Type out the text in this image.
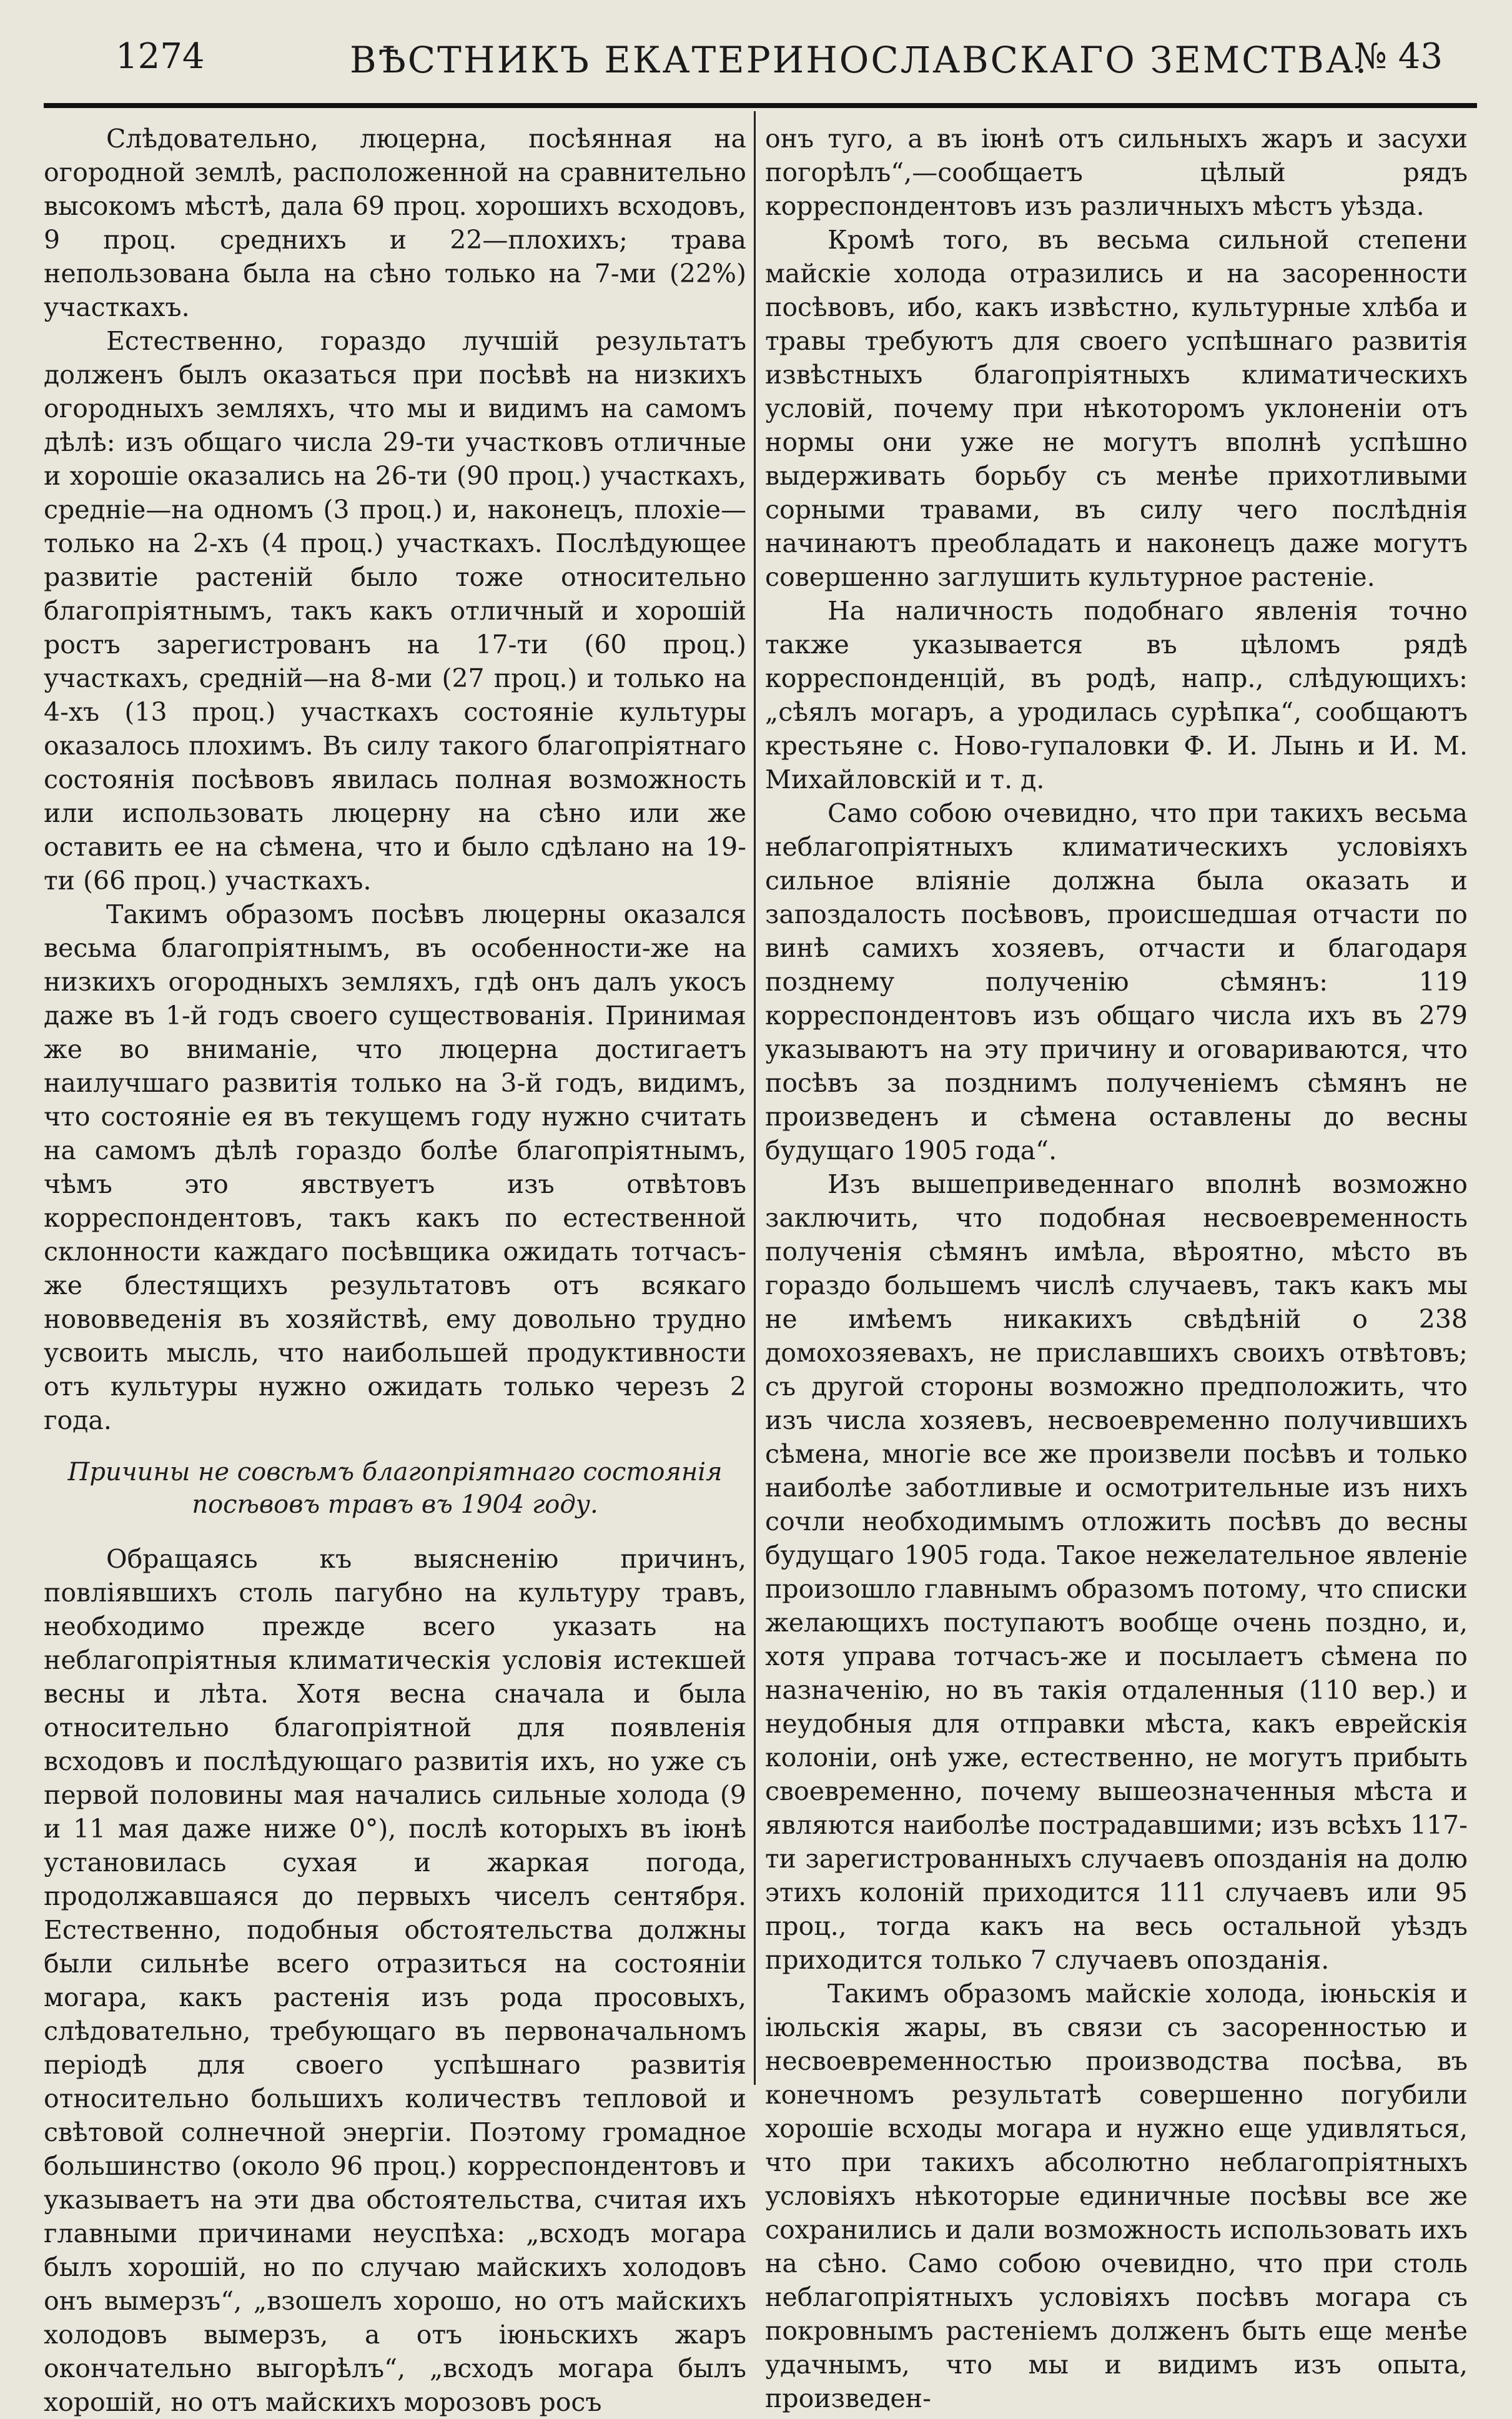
1274	ВѢСТНИКЪ ЕКАТЕРИНОСЛАВСКАГО ЗЕМСТВА.
№ 43

Слѣдовательно, люцерна, посѣянная на огородной землѣ, расположенной на сравнительно высокомъ мѣстѣ, дала 69 проц. хорошихъ всходовъ, 9 проц. среднихъ и 22—плохихъ; трава непользована была на сѣно только на 7-ми (22%) участкахъ.

Естественно, гораздо лучшій результатъ долженъ былъ оказаться при посѣвѣ на низкихъ огородныхъ земляхъ, что мы и видимъ на самомъ дѣлѣ: изъ общаго числа 29-ти участковъ отличные и хорошіе оказались на 26-ти (90 проц.) участкахъ, средніе—на одномъ (3 проц.) и, наконецъ, плохіе—только на 2-хъ (4 проц.) участкахъ. Послѣдующее развитіе растеній было тоже относительно благопріятнымъ, такъ какъ отличный и хорошій ростъ зарегистрованъ на 17-ти (60 проц.) участкахъ, средній—на 8-ми (27 проц.) и только на 4-хъ (13 проц.) участкахъ состояніе культуры оказалось плохимъ. Въ силу такого благопріятнаго состоянія посѣвовъ явилась полная возможность или использовать люцерну на сѣно или же оставить ее на сѣмена, что и было сдѣлано на 19-ти (66 проц.) участкахъ.

Такимъ образомъ посѣвъ люцерны оказался весьма благопріятнымъ, въ особенности-же на низкихъ огородныхъ земляхъ, гдѣ онъ далъ укосъ даже въ 1-й годъ своего существованія. Принимая же во вниманіе, что люцерна достигаетъ наилучшаго развитія только на 3-й годъ, видимъ, что состояніе ея въ текущемъ году нужно считать на самомъ дѣлѣ гораздо болѣе благопріятнымъ, чѣмъ это явствуетъ изъ отвѣтовъ корреспондентовъ, такъ какъ по естественной склонности каждаго посѣвщика ожидать тотчасъ-же блестящихъ результатовъ отъ всякаго нововведенія въ хозяйствѣ, ему довольно трудно усвоить мысль, что наибольшей продуктивности отъ культуры нужно ожидать только черезъ 2 года.

Причины не совсѣмъ благопріятнаго состоянія посѣвовъ травъ въ 1904 году.

Обращаясь къ выясненію причинъ, повліявшихъ столь пагубно на культуру травъ, необходимо прежде всего указать на неблагопріятныя климатическія условія истекшей весны и лѣта. Хотя весна сначала и была относительно благопріятной для появленія всходовъ и послѣдующаго развитія ихъ, но уже съ первой половины мая начались сильные холода (9 и 11 мая даже ниже 0°), послѣ которыхъ въ іюнѣ установилась сухая и жаркая погода, продолжавшаяся до первыхъ чиселъ сентября. Естественно, подобныя обстоятельства должны были сильнѣе всего отразиться на состояніи могара, какъ растенія изъ рода просовыхъ, слѣдовательно, требующаго въ первоначальномъ періодѣ для своего успѣшнаго развитія относительно большихъ количествъ тепловой и свѣтовой солнечной энергіи. Поэтому громадное большинство (около 96 проц.) корреспондентовъ и указываетъ на эти два обстоятельства, считая ихъ главными причинами неуспѣха: „всходъ могара былъ хорошій, но по случаю майскихъ холодовъ онъ вымерзъ“, „взошелъ хорошо, но отъ майскихъ холодовъ вымерзъ, а отъ іюньскихъ жаръ окончательно выгорѣлъ“, „всходъ могара былъ хорошій, но отъ майскихъ морозовъ росъ

онъ туго, а въ іюнѣ отъ сильныхъ жаръ и засухи погорѣлъ“,—сообщаетъ цѣлый рядъ корреспондентовъ изъ различныхъ мѣстъ уѣзда.

Кромѣ того, въ весьма сильной степени майскіе холода отразились и на засоренности посѣвовъ, ибо, какъ извѣстно, культурные хлѣба и травы требуютъ для своего успѣшнаго развитія извѣстныхъ благопріятныхъ климатическихъ условій, почему при нѣкоторомъ уклоненіи отъ нормы они уже не могутъ вполнѣ успѣшно выдерживать борьбу съ менѣе прихотливыми сорными травами, въ силу чего послѣднія начинаютъ преобладать и наконецъ даже могутъ совершенно заглушить культурное растеніе.

На наличность подобнаго явленія точно также указывается въ цѣломъ рядѣ корреспонденцій, въ родѣ, напр., слѣдующихъ: „сѣялъ могаръ, а уродилась сурѣпка“, сообщаютъ крестьяне с. Ново-гупаловки Ф. И. Лынь и И. М. Михайловскій и т. д.

Само собою очевидно, что при такихъ весьма неблагопріятныхъ климатическихъ условіяхъ сильное вліяніе должна была оказать и запоздалость посѣвовъ, происшедшая отчасти по винѣ самихъ хозяевъ, отчасти и благодаря позднему полученію сѣмянъ: 119 корреспондентовъ изъ общаго числа ихъ въ 279 указываютъ на эту причину и оговариваются, что посѣвъ за позднимъ полученіемъ сѣмянъ не произведенъ и сѣмена оставлены до весны будущаго 1905 года“.

Изъ вышеприведеннаго вполнѣ возможно заключить, что подобная несвоевременность полученія сѣмянъ имѣла, вѣроятно, мѣсто въ гораздо большемъ числѣ случаевъ, такъ какъ мы не имѣемъ никакихъ свѣдѣній о 238 домохозяевахъ, не приславшихъ своихъ отвѣтовъ; съ другой стороны возможно предположить, что изъ числа хозяевъ, несвоевременно получившихъ сѣмена, многіе все же произвели посѣвъ и только наиболѣе заботливые и осмотрительные изъ нихъ сочли необходимымъ отложить посѣвъ до весны будущаго 1905 года. Такое нежелательное явленіе произошло главнымъ образомъ потому, что списки желающихъ поступаютъ вообще очень поздно, и, хотя управа тотчасъ-же и посылаетъ сѣмена по назначенію, но въ такія отдаленныя (110 вер.) и неудобныя для отправки мѣста, какъ еврейскія колоніи, онѣ уже, естественно, не могутъ прибыть своевременно, почему вышеозначенныя мѣста и являются наиболѣе пострадавшими; изъ всѣхъ 117-ти зарегистрованныхъ случаевъ опозданія на долю этихъ колоній приходится 111 случаевъ или 95 проц., тогда какъ на весь остальной уѣздъ приходится только 7 случаевъ опозданія.

Такимъ образомъ майскіе холода, іюньскія и іюльскія жары, въ связи съ засоренностью и несвоевременностью производства посѣва, въ конечномъ результатѣ совершенно погубили хорошіе всходы могара и нужно еще удивляться, что при такихъ абсолютно неблагопріятныхъ условіяхъ нѣкоторые единичные посѣвы все же сохранились и дали возможность использовать ихъ на сѣно. Само собою очевидно, что при столь неблагопріятныхъ условіяхъ посѣвъ могара съ покровнымъ растеніемъ долженъ быть еще менѣе удачнымъ, что мы и видимъ изъ опыта, произведен-
